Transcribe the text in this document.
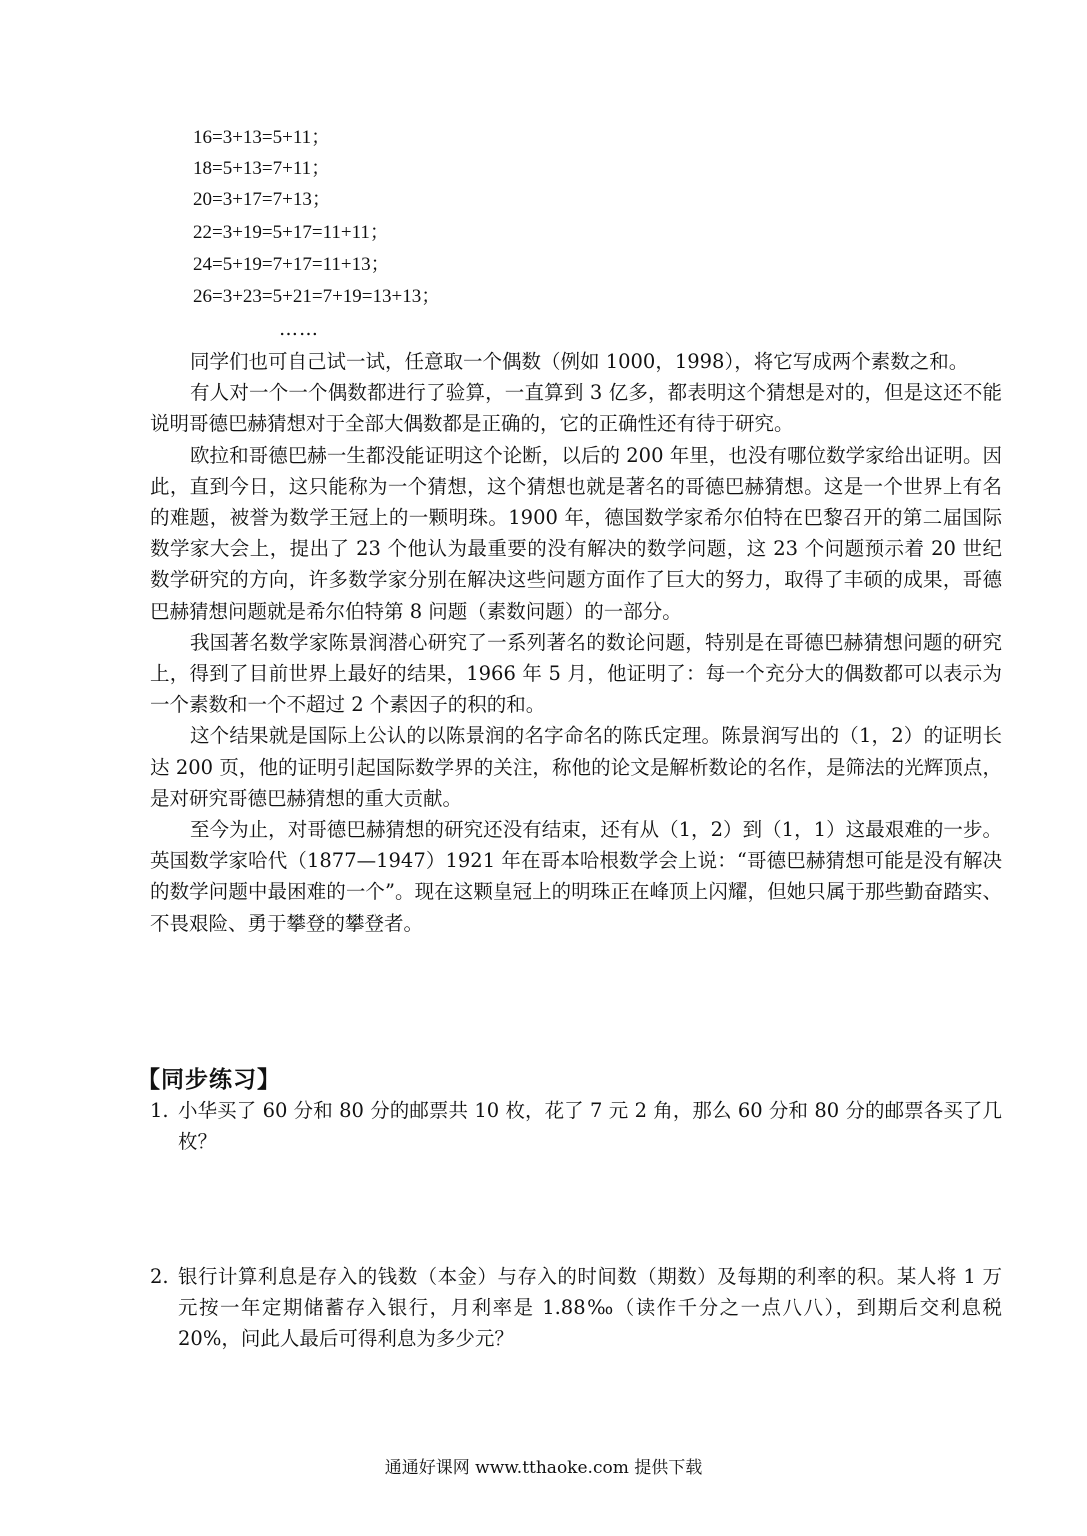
16=3+13=5+11；
18=5+13=7+11；
20=3+17=7+13；
22=3+19=5+17=11+11；
24=5+19=7+17=11+13；
26=3+23=5+21=7+19=13+13；
……

同学们也可自己试一试，任意取一个偶数（例如 1000，1998），将它写成两个素数之和。

有人对一个一个偶数都进行了验算，一直算到 3 亿多，都表明这个猜想是对的，但是这还不能说明哥德巴赫猜想对于全部大偶数都是正确的，它的正确性还有待于研究。

欧拉和哥德巴赫一生都没能证明这个论断，以后的 200 年里，也没有哪位数学家给出证明。因此，直到今日，这只能称为一个猜想，这个猜想也就是著名的哥德巴赫猜想。这是一个世界上有名的难题，被誉为数学王冠上的一颗明珠。1900 年，德国数学家希尔伯特在巴黎召开的第二届国际数学家大会上，提出了 23 个他认为最重要的没有解决的数学问题，这 23 个问题预示着 20 世纪数学研究的方向，许多数学家分别在解决这些问题方面作了巨大的努力，取得了丰硕的成果，哥德巴赫猜想问题就是希尔伯特第 8 问题（素数问题）的一部分。

我国著名数学家陈景润潜心研究了一系列著名的数论问题，特别是在哥德巴赫猜想问题的研究上，得到了目前世界上最好的结果，1966 年 5 月，他证明了：每一个充分大的偶数都可以表示为一个素数和一个不超过 2 个素因子的积的和。

这个结果就是国际上公认的以陈景润的名字命名的陈氏定理。陈景润写出的（1，2）的证明长达 200 页，他的证明引起国际数学界的关注，称他的论文是解析数论的名作，是筛法的光辉顶点，是对研究哥德巴赫猜想的重大贡献。

至今为止，对哥德巴赫猜想的研究还没有结束，还有从（1，2）到（1，1）这最艰难的一步。英国数学家哈代（1877—1947）1921 年在哥本哈根数学会上说：“哥德巴赫猜想可能是没有解决的数学问题中最困难的一个”。现在这颗皇冠上的明珠正在峰顶上闪耀，但她只属于那些勤奋踏实、不畏艰险、勇于攀登的攀登者。

【同步练习】
1. 小华买了 60 分和 80 分的邮票共 10 枚，花了 7 元 2 角，那么 60 分和 80 分的邮票各买了几枚？
2. 银行计算利息是存入的钱数（本金）与存入的时间数（期数）及每期的利率的积。某人将 1 万元按一年定期储蓄存入银行，月利率是 1.88‰（读作千分之一点八八），到期后交利息税 20%，问此人最后可得利息为多少元？
通通好课网 www.tthaoke.com 提供下载
